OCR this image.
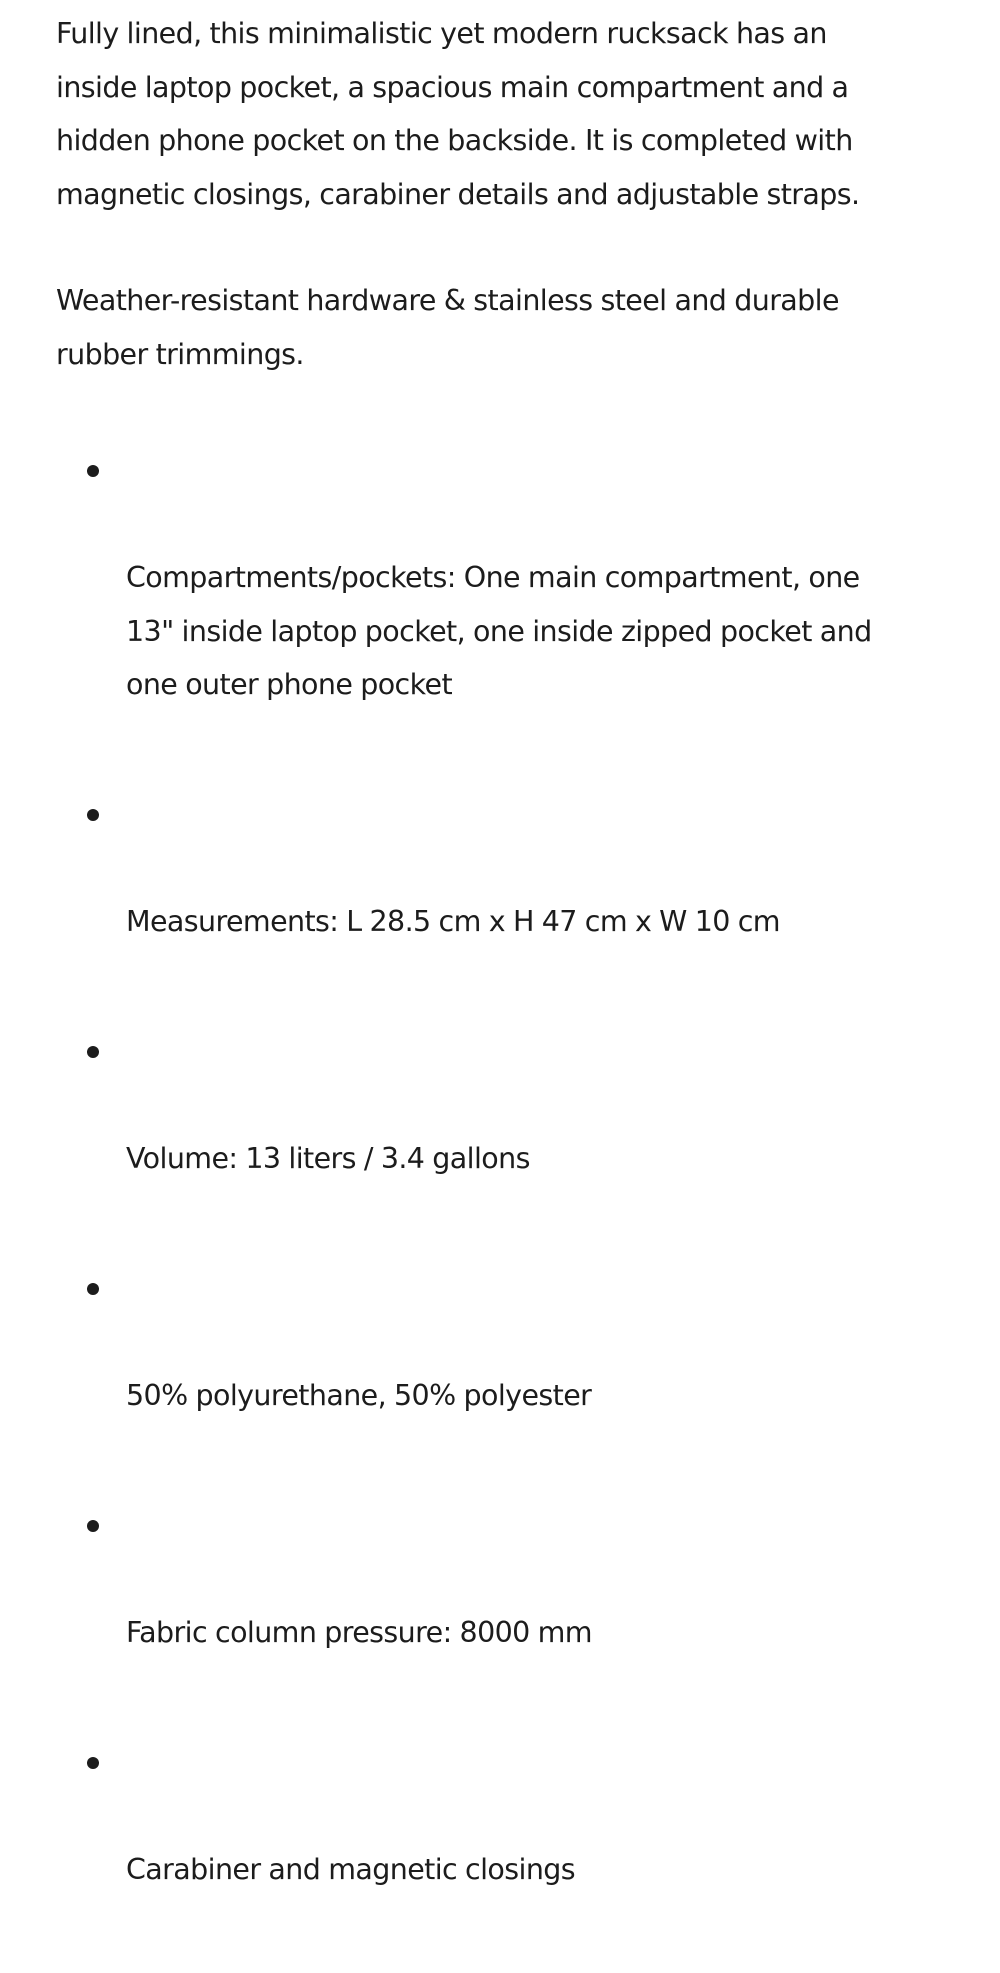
Fully lined, this minimalistic yet modern rucksack has an
inside laptop pocket, a spacious main compartment and a
hidden phone pocket on the backside. It is completed with
magnetic closings, carabiner details and adjustable straps.

Weather-resistant hardware & stainless steel and durable
rubber trimmings.

Compartments/pockets: One main compartment, one
13" inside laptop pocket, one inside zipped pocket and
one outer phone pocket

Measurements: L 28.5 cm x H 47 cm x W 10 cm

Volume: 13 liters / 3.4 gallons

50% polyurethane, 50% polyester

Fabric column pressure: 8000 mm

Carabiner and magnetic closings
